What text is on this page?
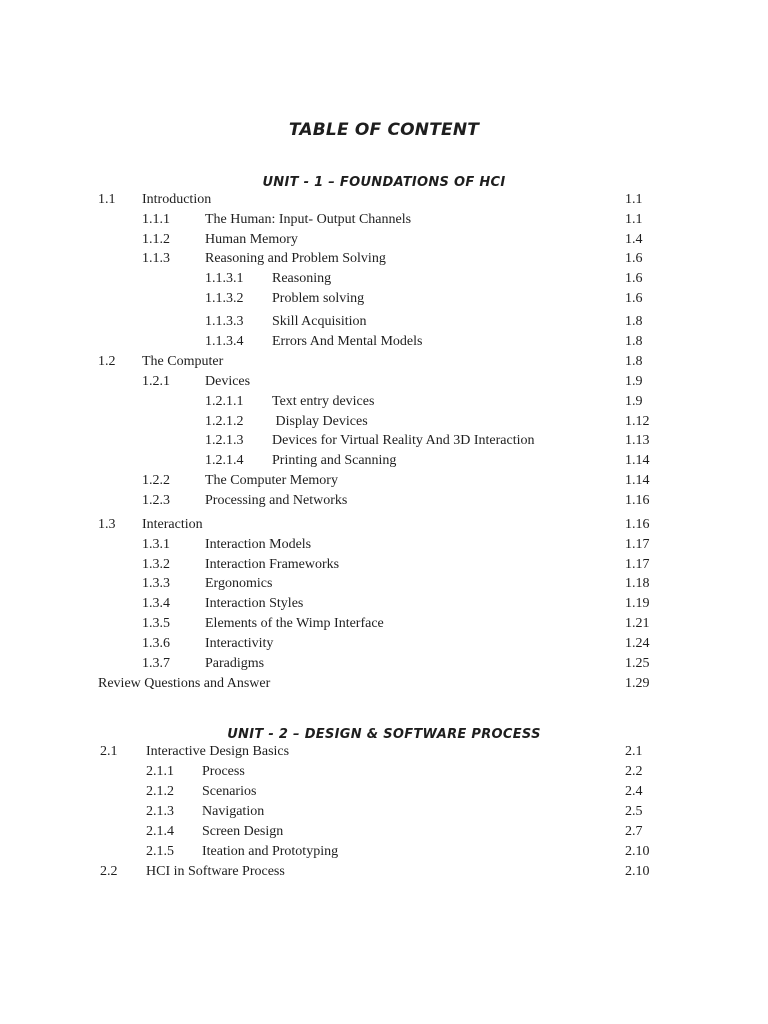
TABLE OF CONTENT
UNIT - 1 – FOUNDATIONS OF HCI
UNIT - 2 – DESIGN & SOFTWARE PROCESS
1.1 Introduction	1.1
1.1.1	The Human: Input- Output Channels	1.1
1.1.2	Human Memory	1.4
1.1.3	Reasoning and Problem Solving	1.6
1.1.3.1 Reasoning	1.6
1.1.3.2 Problem solving	1.6
1.1.3.3 Skill Acquisition	1.8
1.1.3.4 Errors And Mental Models	1.8
1.2 The Computer	1.8
1.2.1	Devices	1.9
1.2.1.1 Text entry devices	1.9
1.2.1.2 Display Devices	1.12
1.2.1.3 Devices for Virtual Reality And 3D Interaction	1.13
1.2.1.4 Printing and Scanning	1.14
1.2.2	The Computer Memory	1.14
1.2.3	Processing and Networks	1.16
1.3 Interaction	1.16
1.3.1	Interaction Models	1.17
1.3.2	Interaction Frameworks	1.17
1.3.3	Ergonomics	1.18
1.3.4	Interaction Styles	1.19
1.3.5	Elements of the Wimp Interface	1.21
1.3.6	Interactivity	1.24
1.3.7	Paradigms	1.25
Review Questions and Answer	1.29
2.1 Interactive Design Basics	2.1
2.1.1 Process	2.2
2.1.2 Scenarios	2.4
2.1.3 Navigation	2.5
2.1.4 Screen Design	2.7
2.1.5 Iteation and Prototyping	2.10
2.2 HCI in Software Process	2.10
